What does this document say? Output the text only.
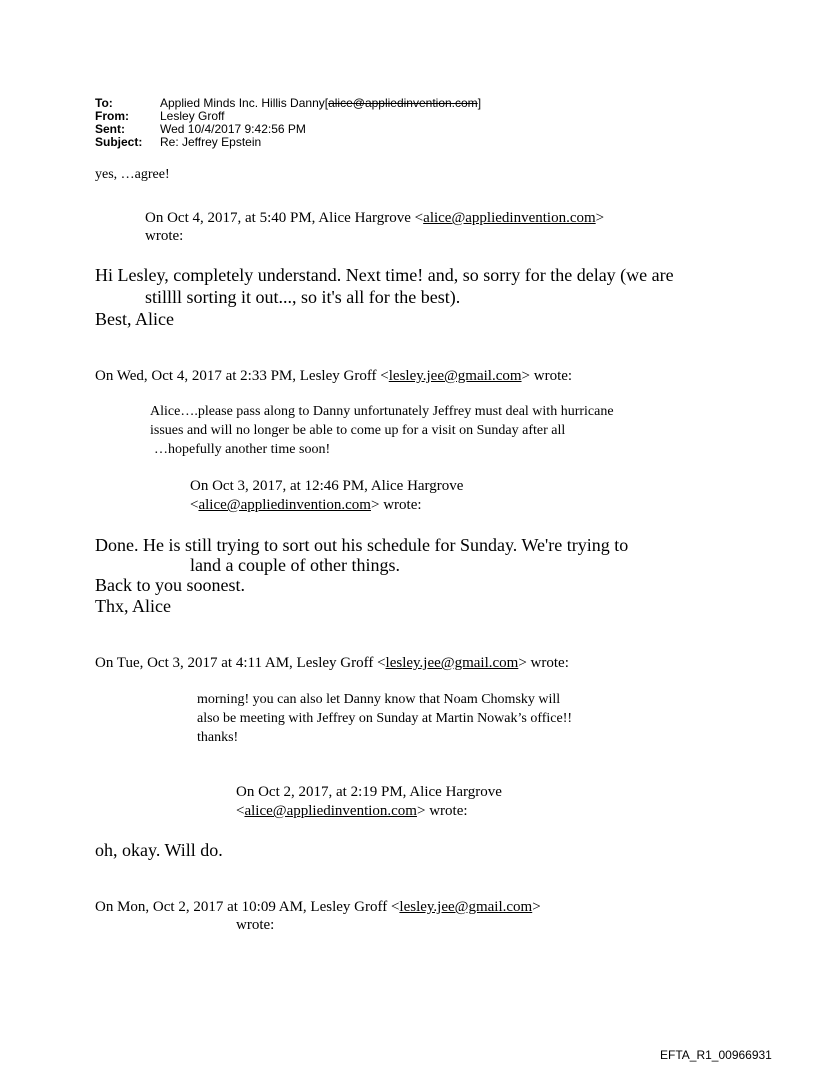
To:	Applied Minds Inc. Hillis Danny[alice@appliedinvention.com]
From:	Lesley Groff
Sent:	Wed 10/4/2017 9:42:56 PM
Subject: Re: Jeffrey Epstein
yes, …agree!
On Oct 4, 2017, at 5:40 PM, Alice Hargrove <alice@appliedinvention.com>
wrote:
Hi Lesley, completely understand. Next time! and, so sorry for the delay (we are
stillll sorting it out..., so it's all for the best).
Best, Alice
On Wed, Oct 4, 2017 at 2:33 PM, Lesley Groff <lesley.jee@gmail.com> wrote:
Alice….please pass along to Danny unfortunately Jeffrey must deal with hurricane
issues and will no longer be able to come up for a visit on Sunday after all
…hopefully another time soon!
On Oct 3, 2017, at 12:46 PM, Alice Hargrove
<alice@appliedinvention.com> wrote:
Done. He is still trying to sort out his schedule for Sunday. We're trying to
land a couple of other things.
Back to you soonest.
Thx, Alice
On Tue, Oct 3, 2017 at 4:11 AM, Lesley Groff <lesley.jee@gmail.com> wrote:
morning! you can also let Danny know that Noam Chomsky will
also be meeting with Jeffrey on Sunday at Martin Nowak’s office!!
thanks!
On Oct 2, 2017, at 2:19 PM, Alice Hargrove
<alice@appliedinvention.com> wrote:
oh, okay. Will do.
On Mon, Oct 2, 2017 at 10:09 AM, Lesley Groff <lesley.jee@gmail.com>
wrote:
EFTA_R1_00966931
